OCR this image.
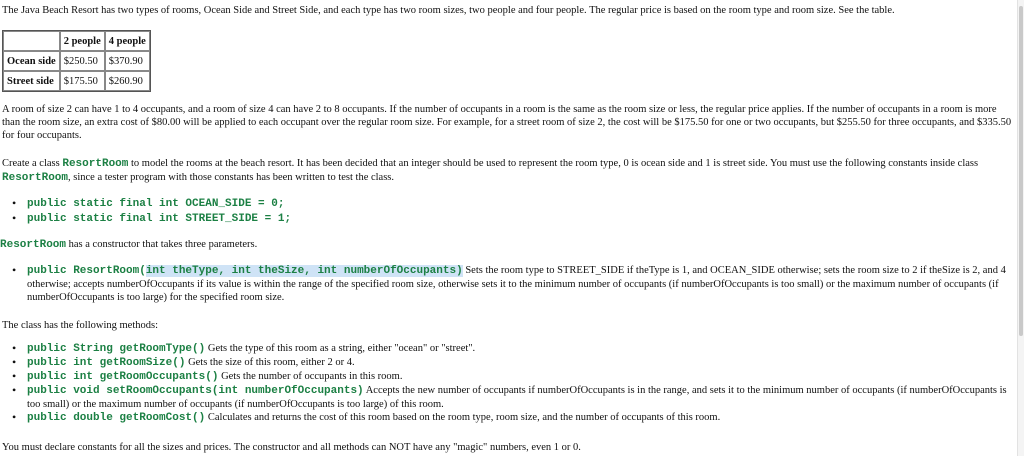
The Java Beach Resort has two types of rooms, Ocean Side and Street Side, and each type has two room sizes, two people and four people. The regular price is based on the room type and room size. See the table.

	2 people	4 people
Ocean side	$250.50	$370.90
Street side	$175.50	$260.90

A room of size 2 can have 1 to 4 occupants, and a room of size 4 can have 2 to 8 occupants. If the number of occupants in a room is the same as the room size or less, the regular price applies. If the number of occupants in a room is more than the room size, an extra cost of $80.00 will be applied to each occupant over the regular room size. For example, for a street room of size 2, the cost will be $175.50 for one or two occupants, but $255.50 for three occupants, and $335.50 for four occupants.

Create a class ResortRoom to model the rooms at the beach resort. It has been decided that an integer should be used to represent the room type, 0 is ocean side and 1 is street side. You must use the following constants inside class ResortRoom, since a tester program with those constants has been written to test the class.

• public static final int OCEAN_SIDE = 0;
• public static final int STREET_SIDE = 1;

ResortRoom has a constructor that takes three parameters.

• public ResortRoom(int theType, int theSize, int numberOfOccupants) Sets the room type to STREET_SIDE if theType is 1, and OCEAN_SIDE otherwise; sets the room size to 2 if theSize is 2, and 4 otherwise; accepts numberOfOccupants if its value is within the range of the specified room size, otherwise sets it to the minimum number of occupants (if numberOfOccupants is too small) or the maximum number of occupants (if numberOfOccupants is too large) for the specified room size.

The class has the following methods:

• public String getRoomType() Gets the type of this room as a string, either "ocean" or "street".
• public int getRoomSize() Gets the size of this room, either 2 or 4.
• public int getRoomOccupants() Gets the number of occupants in this room.
• public void setRoomOccupants(int numberOfOccupants) Accepts the new number of occupants if numberOfOccupants is in the range, and sets it to the minimum number of occupants (if numberOfOccupants is too small) or the maximum number of occupants (if numberOfOccupants is too large) of this room.
• public double getRoomCost() Calculates and returns the cost of this room based on the room type, room size, and the number of occupants of this room.

You must declare constants for all the sizes and prices. The constructor and all methods can NOT have any "magic" numbers, even 1 or 0.
